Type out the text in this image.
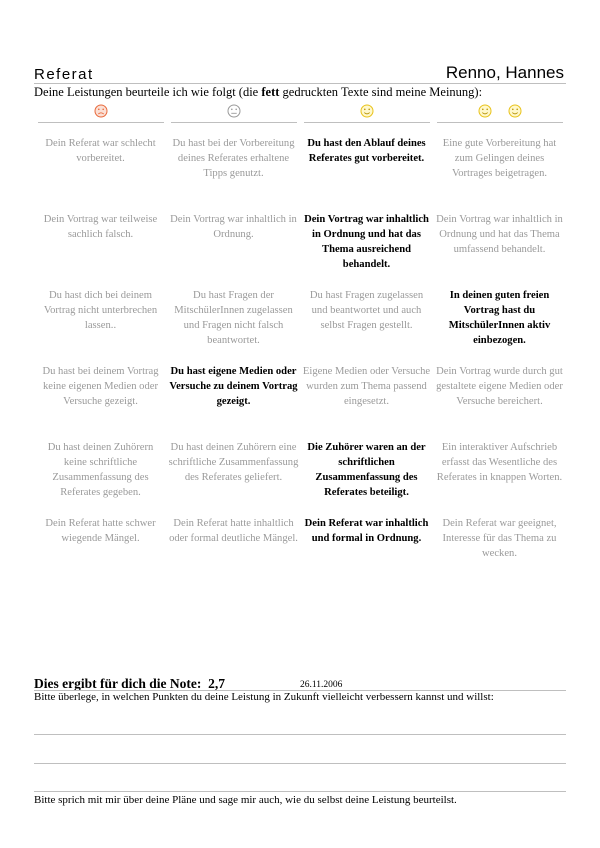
Referat	Renno, Hannes
Deine Leistungen beurteile ich wie folgt (die fett gedruckten Texte sind meine Meinung):
Dein Referat war schlecht vorbereitet.
Du hast bei der Vorbereitung deines Referates erhaltene Tipps genutzt.
Du hast den Ablauf deines Referates gut vorbereitet.
Eine gute Vorbereitung hat zum Gelingen deines Vortrages beigetragen.
Dein Vortrag war teilweise sachlich falsch.
Dein Vortrag war inhaltlich in Ordnung.
Dein Vortrag war inhaltlich in Ordnung und hat das Thema ausreichend behandelt.
Dein Vortrag war inhaltlich in Ordnung und hat das Thema umfassend behandelt.
Du hast dich bei deinem Vortrag nicht unterbrechen lassen..
Du hast Fragen der MitschülerInnen zugelassen und Fragen nicht falsch beantwortet.
Du hast Fragen zugelassen und beantwortet und auch selbst Fragen gestellt.
In deinen guten freien Vortrag hast du MitschülerInnen aktiv einbezogen.
Du hast bei deinem Vortrag keine eigenen Medien oder Versuche gezeigt.
Du hast eigene Medien oder Versuche zu deinem Vortrag gezeigt.
Eigene Medien oder Versuche wurden zum Thema passend eingesetzt.
Dein Vortrag wurde durch gut gestaltete eigene Medien oder Versuche bereichert.
Du hast deinen Zuhörern keine schriftliche Zusammenfassung des Referates gegeben.
Du hast deinen Zuhörern eine schriftliche Zusammenfassung des Referates geliefert.
Die Zuhörer waren an der schriftlichen Zusammenfassung des Referates beteiligt.
Ein interaktiver Aufschrieb erfasst das Wesentliche des Referates in knappen Worten.
Dein Referat hatte schwer wiegende Mängel.
Dein Referat hatte inhaltlich oder formal deutliche Mängel.
Dein Referat war inhaltlich und formal in Ordnung.
Dein Referat war geeignet, Interesse für das Thema zu wecken.
Dies ergibt für dich die Note: 2,7	26.11.2006
Bitte überlege, in welchen Punkten du deine Leistung in Zukunft vielleicht verbessern kannst und willst:
Bitte sprich mit mir über deine Pläne und sage mir auch, wie du selbst deine Leistung beurteilst.
